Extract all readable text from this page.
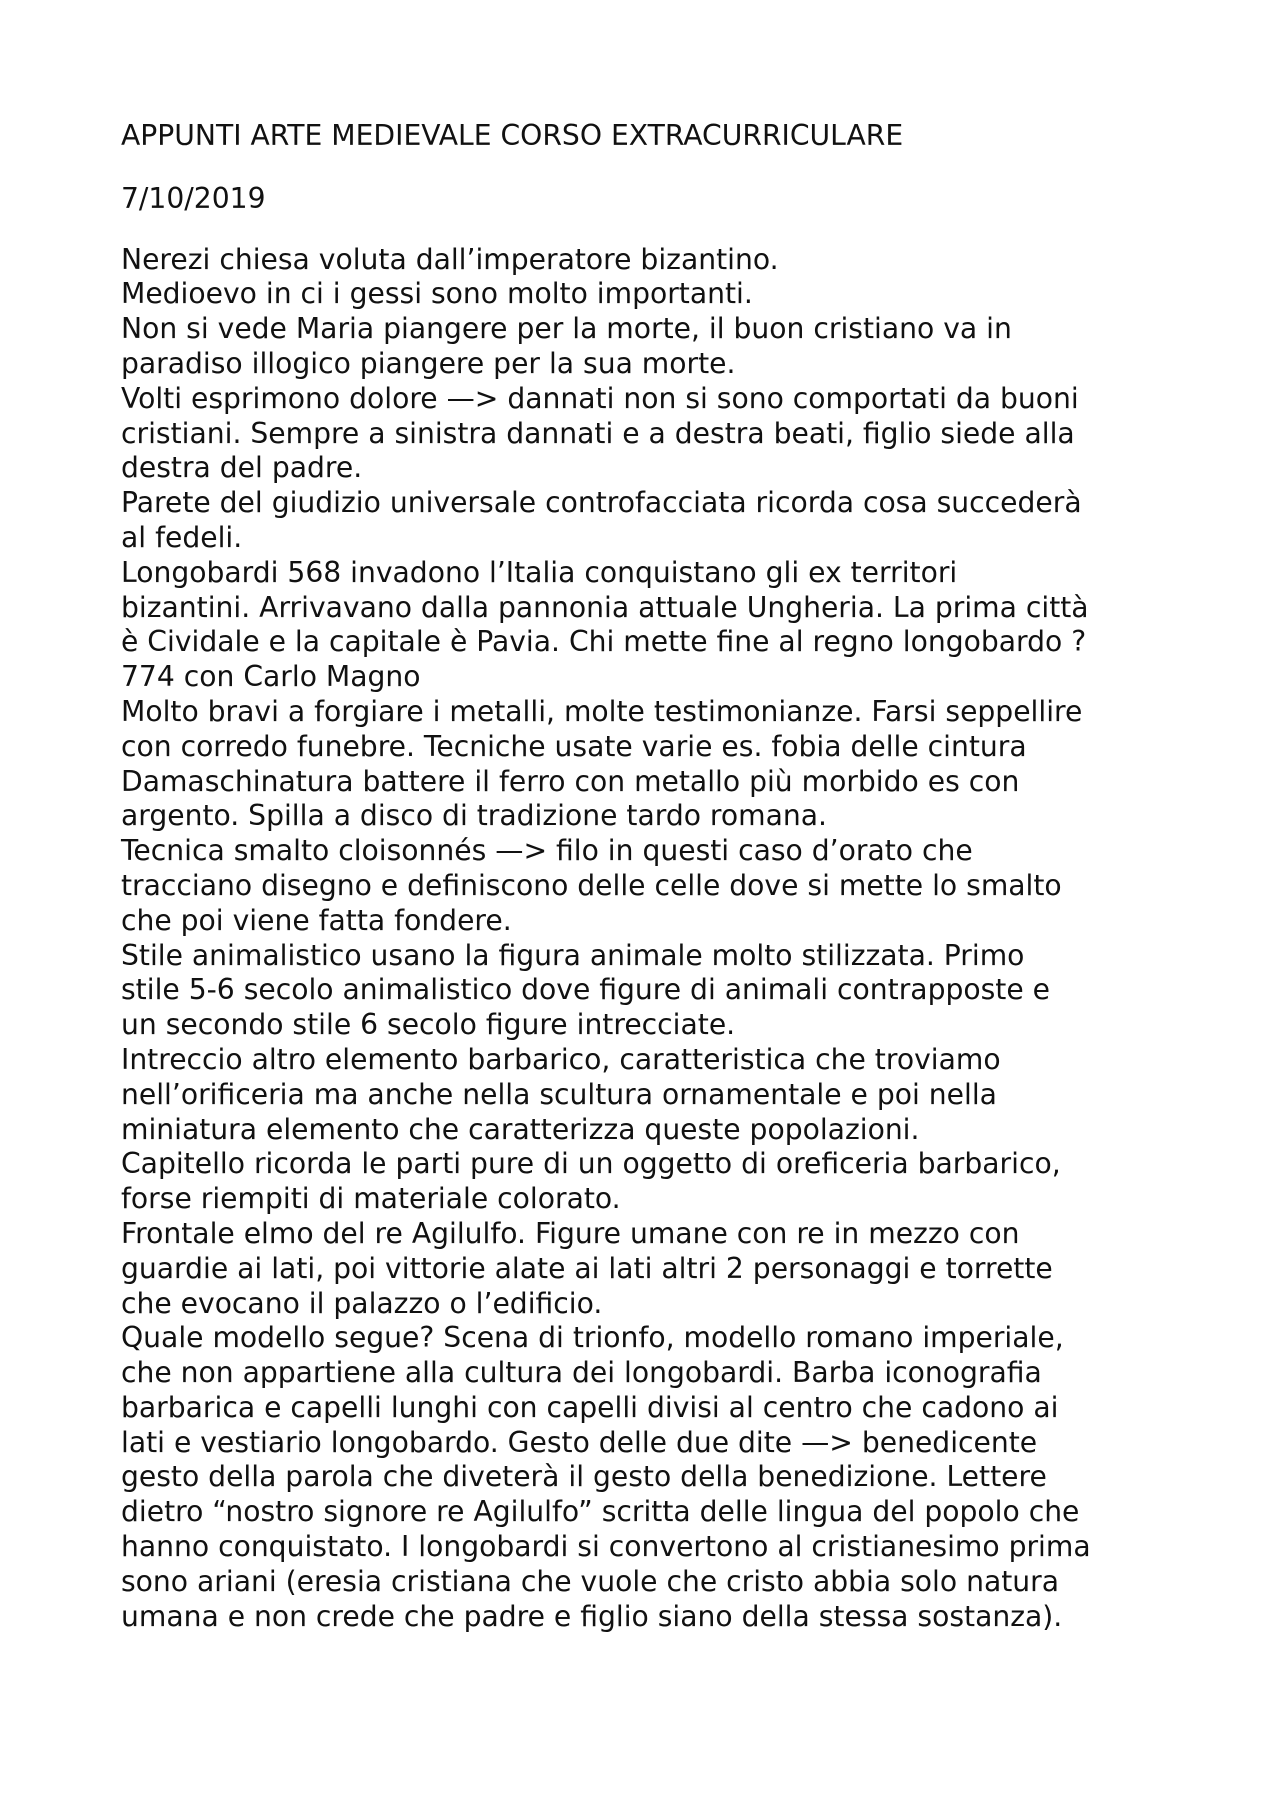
APPUNTI ARTE MEDIEVALE CORSO EXTRACURRICULARE

7/10/2019

Nerezi chiesa voluta dall’imperatore bizantino.
Medioevo in ci i gessi sono molto importanti.
Non si vede Maria piangere per la morte, il buon cristiano va in
paradiso illogico piangere per la sua morte.
Volti esprimono dolore —> dannati non si sono comportati da buoni
cristiani. Sempre a sinistra dannati e a destra beati, figlio siede alla
destra del padre.
Parete del giudizio universale controfacciata ricorda cosa succederà
al fedeli.
Longobardi 568 invadono l’Italia conquistano gli ex territori
bizantini. Arrivavano dalla pannonia attuale Ungheria. La prima città
è Cividale e la capitale è Pavia. Chi mette fine al regno longobardo ?
774 con Carlo Magno
Molto bravi a forgiare i metalli, molte testimonianze. Farsi seppellire
con corredo funebre. Tecniche usate varie es. fobia delle cintura
Damaschinatura battere il ferro con metallo più morbido es con
argento. Spilla a disco di tradizione tardo romana.
Tecnica smalto cloisonnés —> filo in questi caso d’orato che
tracciano disegno e definiscono delle celle dove si mette lo smalto
che poi viene fatta fondere.
Stile animalistico usano la figura animale molto stilizzata. Primo
stile 5-6 secolo animalistico dove figure di animali contrapposte e
un secondo stile 6 secolo figure intrecciate.
Intreccio altro elemento barbarico, caratteristica che troviamo
nell’orificeria ma anche nella scultura ornamentale e poi nella
miniatura elemento che caratterizza queste popolazioni.
Capitello ricorda le parti pure di un oggetto di oreficeria barbarico,
forse riempiti di materiale colorato.
Frontale elmo del re Agilulfo. Figure umane con re in mezzo con
guardie ai lati, poi vittorie alate ai lati altri 2 personaggi e torrette
che evocano il palazzo o l’edificio.
Quale modello segue? Scena di trionfo, modello romano imperiale,
che non appartiene alla cultura dei longobardi. Barba iconografia
barbarica e capelli lunghi con capelli divisi al centro che cadono ai
lati e vestiario longobardo. Gesto delle due dite —> benedicente
gesto della parola che diveterà il gesto della benedizione. Lettere
dietro “nostro signore re Agilulfo” scritta delle lingua del popolo che
hanno conquistato. I longobardi si convertono al cristianesimo prima
sono ariani (eresia cristiana che vuole che cristo abbia solo natura
umana e non crede che padre e figlio siano della stessa sostanza).
